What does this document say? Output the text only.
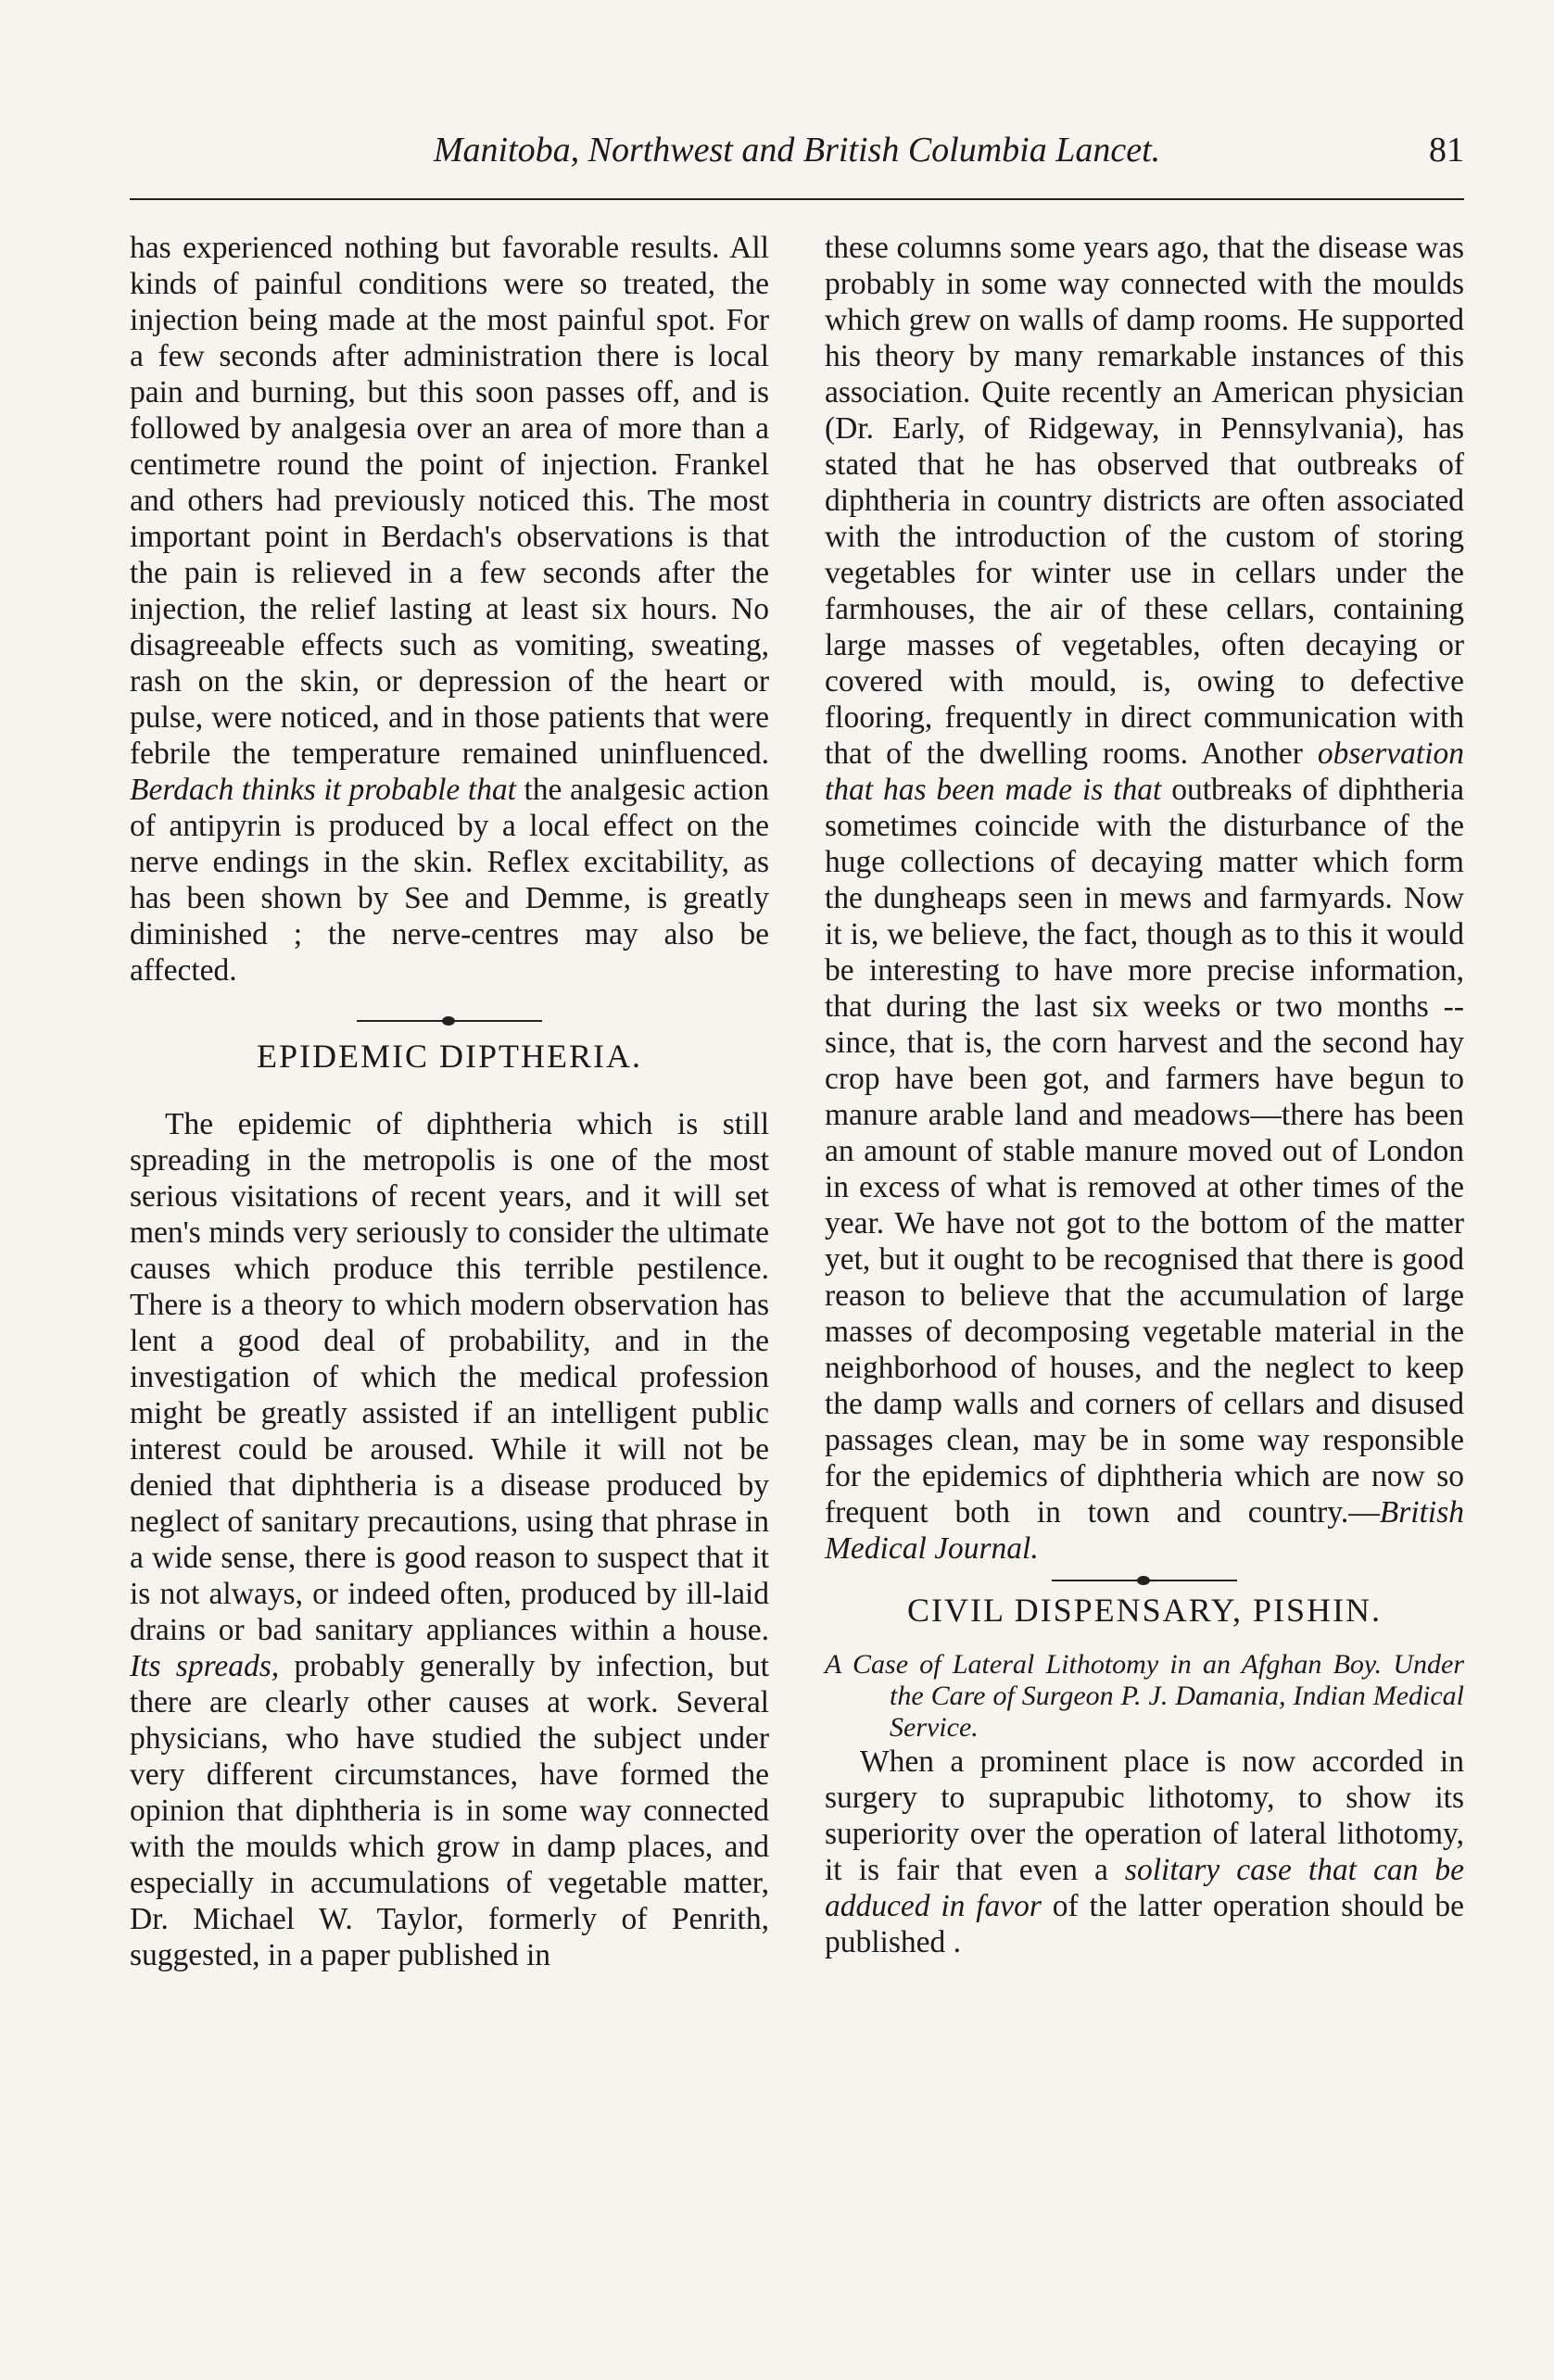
Manitoba, Northwest and British Columbia Lancet.	81

has experienced nothing but favorable results. All kinds of painful conditions were so treated, the injection being made at the most painful spot. For a few seconds after administration there is local pain and burning, but this soon passes off, and is followed by analgesia over an area of more than a centimetre round the point of injection. Frankel and others had previously noticed this. The most important point in Berdach's observations is that the pain is relieved in a few seconds after the injection, the relief lasting at least six hours. No disagreeable effects such as vomiting, sweating, rash on the skin, or depression of the heart or pulse, were noticed, and in those patients that were febrile the temperature remained uninfluenced. Berdach thinks it probable that the analgesic action of antipyrin is produced by a local effect on the nerve endings in the skin. Reflex excitability, as has been shown by See and Demme, is greatly diminished ; the nerve-centres may also be affected.

EPIDEMIC DIPTHERIA.

The epidemic of diphtheria which is still spreading in the metropolis is one of the most serious visitations of recent years, and it will set men's minds very seriously to consider the ultimate causes which produce this terrible pestilence. There is a theory to which modern observation has lent a good deal of probability, and in the investigation of which the medical profession might be greatly assisted if an intelligent public interest could be aroused. While it will not be denied that diphtheria is a disease produced by neglect of sanitary precautions, using that phrase in a wide sense, there is good reason to suspect that it is not always, or indeed often, produced by ill-laid drains or bad sanitary appliances within a house. Its spreads, probably generally by infection, but there are clearly other causes at work. Several physicians, who have studied the subject under very different circumstances, have formed the opinion that diphtheria is in some way connected with the moulds which grow in damp places, and especially in accumulations of vegetable matter, Dr. Michael W. Taylor, formerly of Penrith, suggested, in a paper published in

these columns some years ago, that the disease was probably in some way connected with the moulds which grew on walls of damp rooms. He supported his theory by many remarkable instances of this association. Quite recently an American physician (Dr. Early, of Ridgeway, in Pennsylvania), has stated that he has observed that outbreaks of diphtheria in country districts are often associated with the introduction of the custom of storing vegetables for winter use in cellars under the farmhouses, the air of these cellars, containing large masses of vegetables, often decaying or covered with mould, is, owing to defective flooring, frequently in direct communication with that of the dwelling rooms. Another observation that has been made is that outbreaks of diphtheria sometimes coincide with the disturbance of the huge collections of decaying matter which form the dungheaps seen in mews and farmyards. Now it is, we believe, the fact, though as to this it would be interesting to have more precise information, that during the last six weeks or two months -- since, that is, the corn harvest and the second hay crop have been got, and farmers have begun to manure arable land and meadows—there has been an amount of stable manure moved out of London in excess of what is removed at other times of the year. We have not got to the bottom of the matter yet, but it ought to be recognised that there is good reason to believe that the accumulation of large masses of decomposing vegetable material in the neighborhood of houses, and the neglect to keep the damp walls and corners of cellars and disused passages clean, may be in some way responsible for the epidemics of diphtheria which are now so frequent both in town and country.—British Medical Journal.

CIVIL DISPENSARY, PISHIN.

A Case of Lateral Lithotomy in an Afghan Boy. Under the Care of Surgeon P. J. Damania, Indian Medical Service.

When a prominent place is now accorded in surgery to suprapubic lithotomy, to show its superiority over the operation of lateral lithotomy, it is fair that even a solitary case that can be adduced in favor of the latter operation should be published .
